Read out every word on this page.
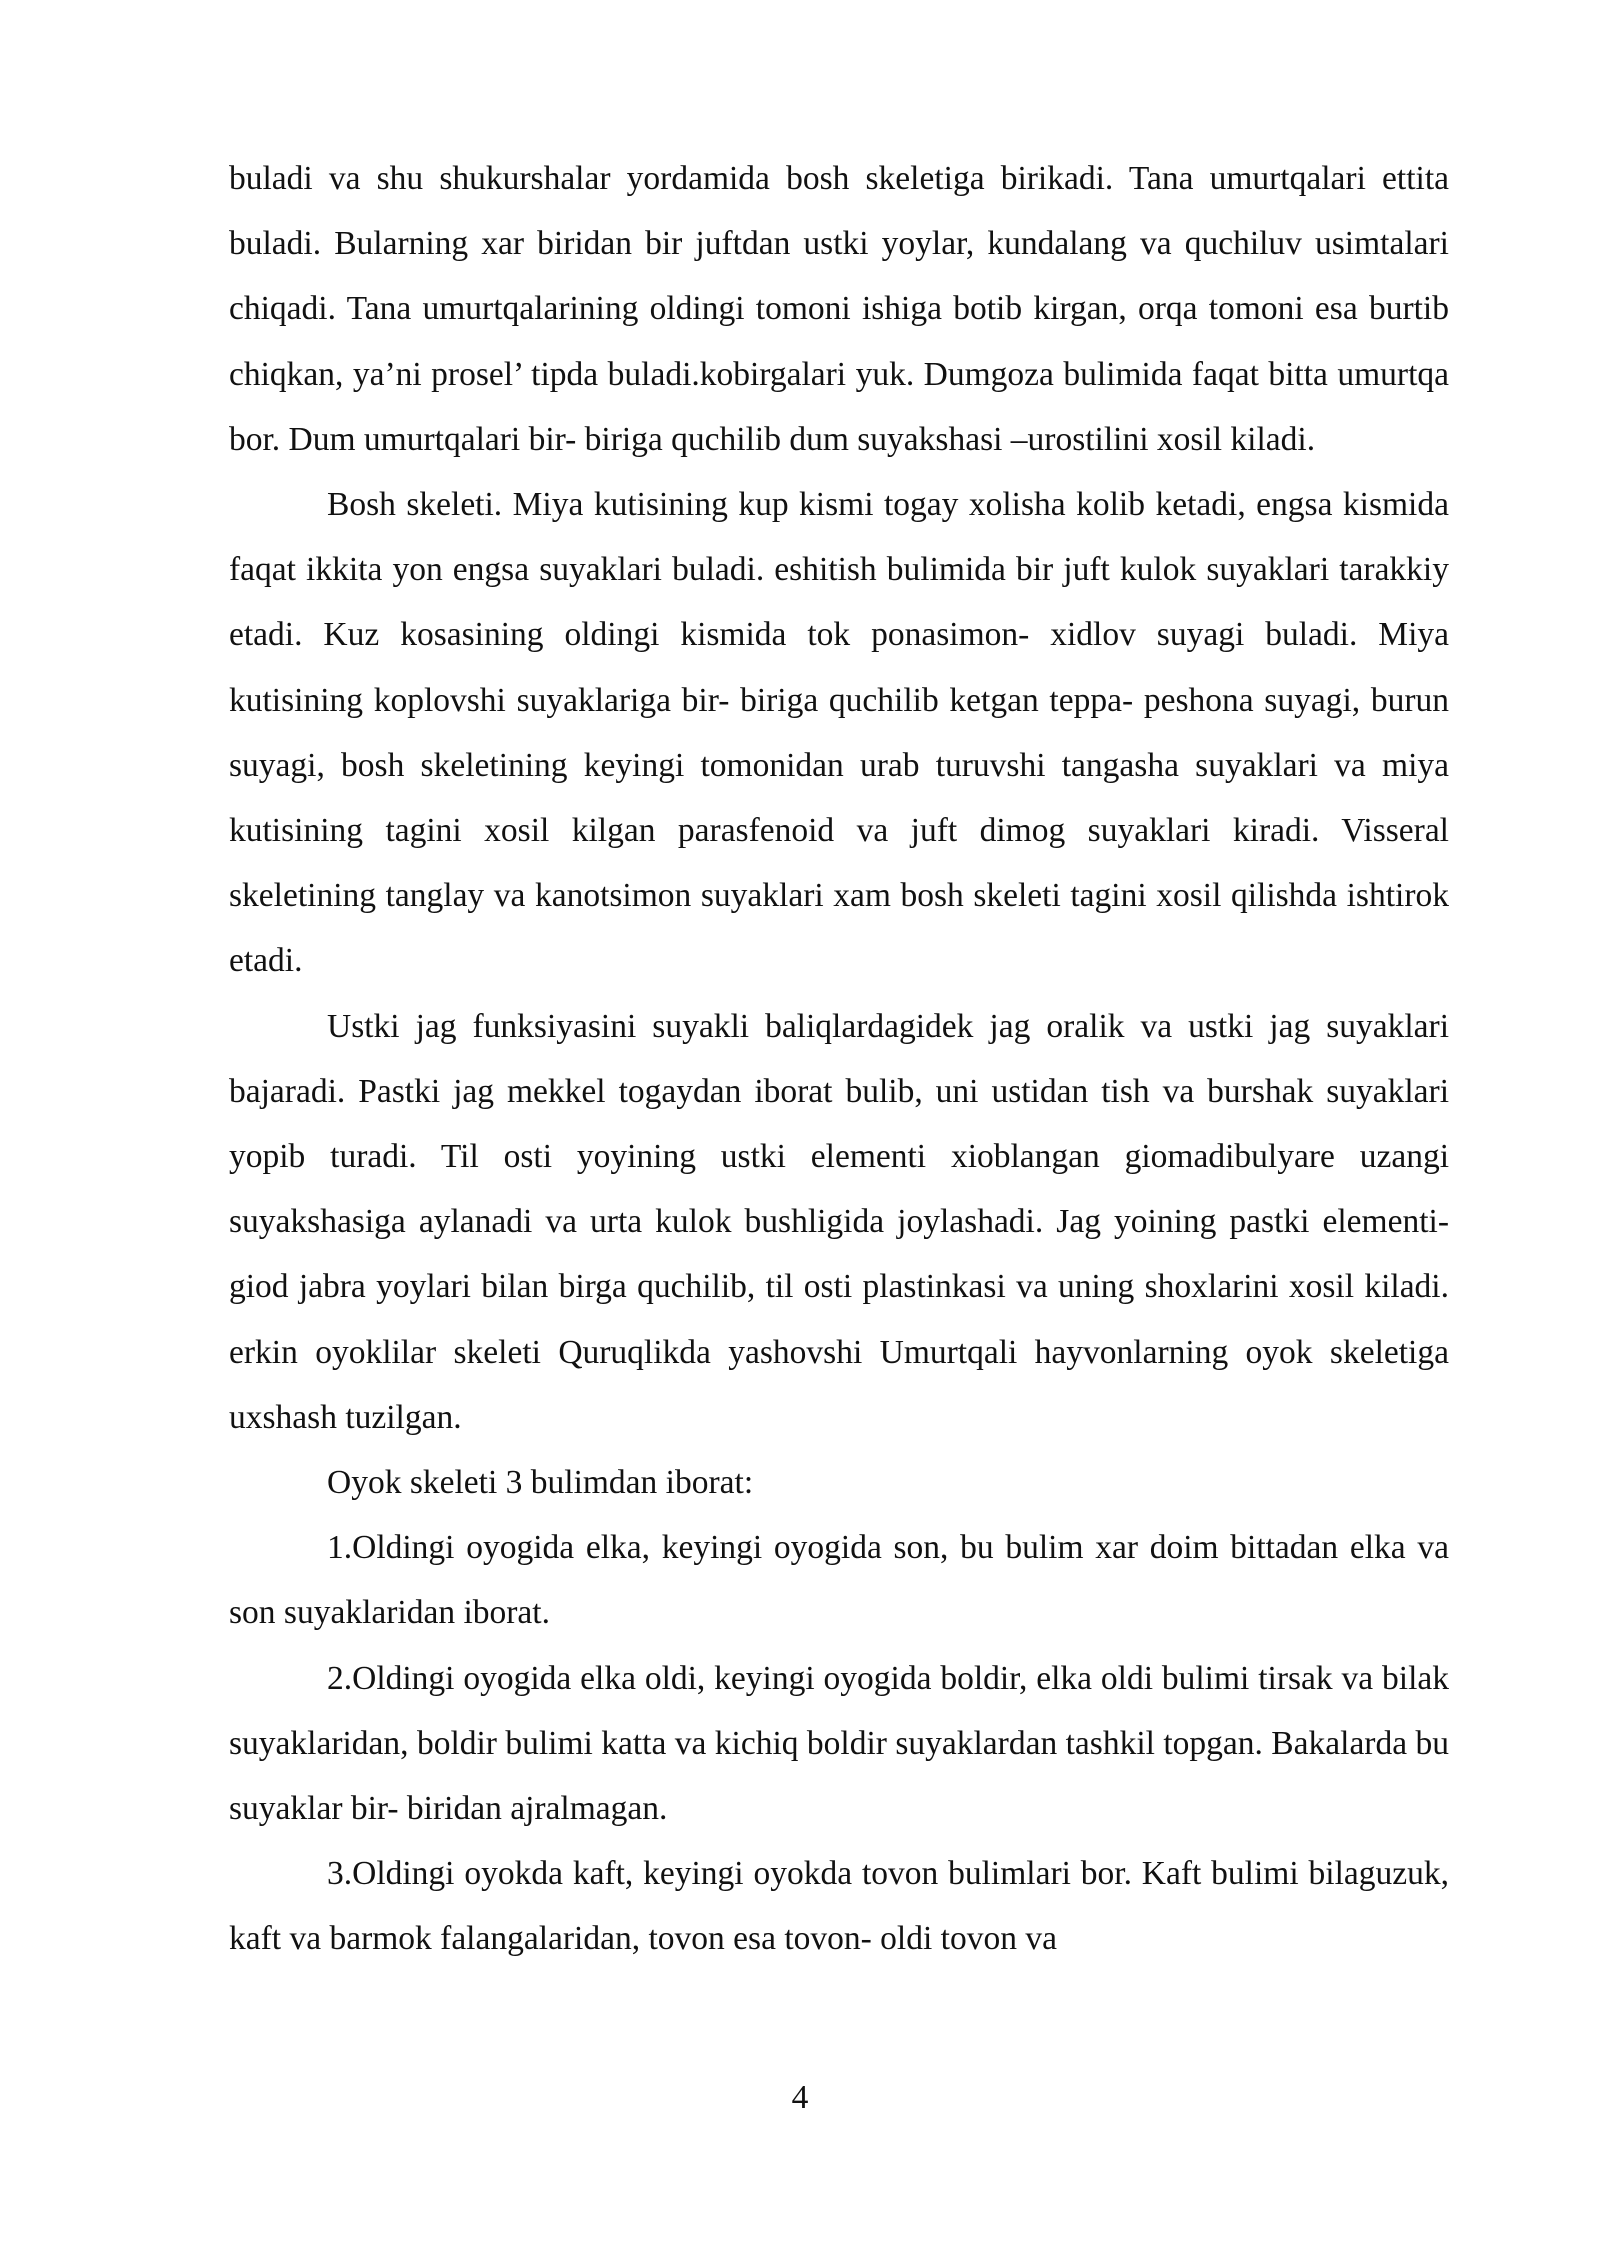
buladi va shu shukurshalar yordamida bosh skeletiga birikadi. Tana umurtqalari ettita buladi. Bularning xar biridan bir juftdan ustki yoylar, kundalang va quchiluv usimtalari chiqadi. Tana umurtqalarining oldingi tomoni ishiga botib kirgan, orqa tomoni esa burtib chiqkan, ya’ni prosel’ tipda buladi.kobirgalari yuk. Dumgoza bulimida faqat bitta umurtqa bor. Dum umurtqalari bir- biriga quchilib dum suyakshasi –urostilini xosil kiladi.

Bosh skeleti. Miya kutisining kup kismi togay xolisha kolib ketadi, engsa kismida faqat ikkita yon engsa suyaklari buladi. eshitish bulimida bir juft kulok suyaklari tarakkiy etadi. Kuz kosasining oldingi kismida tok ponasimon- xidlov suyagi buladi. Miya kutisining koplovshi suyaklariga bir- biriga quchilib ketgan teppa- peshona suyagi, burun suyagi, bosh skeletining keyingi tomonidan urab turuvshi tangasha suyaklari va miya kutisining tagini xosil kilgan parasfenoid va juft dimog suyaklari kiradi. Visseral skeletining tanglay va kanotsimon suyaklari xam bosh skeleti tagini xosil qilishda ishtirok etadi.

Ustki jag funksiyasini suyakli baliqlardagidek jag oralik va ustki jag suyaklari bajaradi. Pastki jag mekkel togaydan iborat bulib, uni ustidan tish va burshak suyaklari yopib turadi. Til osti yoyining ustki elementi xioblangan giomadibulyare uzangi suyakshasiga aylanadi va urta kulok bushligida joylashadi. Jag yoining pastki elementi-giod jabra yoylari bilan birga quchilib, til osti plastinkasi va uning shoxlarini xosil kiladi. erkin oyoklilar skeleti Quruqlikda yashovshi Umurtqali hayvonlarning oyok skeletiga uxshash tuzilgan.

Oyok skeleti 3 bulimdan iborat:

1.Oldingi oyogida elka, keyingi oyogida son, bu bulim xar doim bittadan elka va son suyaklaridan iborat.

2.Oldingi oyogida elka oldi, keyingi oyogida boldir, elka oldi bulimi tirsak va bilak suyaklaridan, boldir bulimi katta va kichiq boldir suyaklardan tashkil topgan. Bakalarda bu suyaklar bir- biridan ajralmagan.

3.Oldingi oyokda kaft, keyingi oyokda tovon bulimlari bor. Kaft bulimi bilaguzuk, kaft va barmok falangalaridan, tovon esa tovon- oldi tovon va

4
